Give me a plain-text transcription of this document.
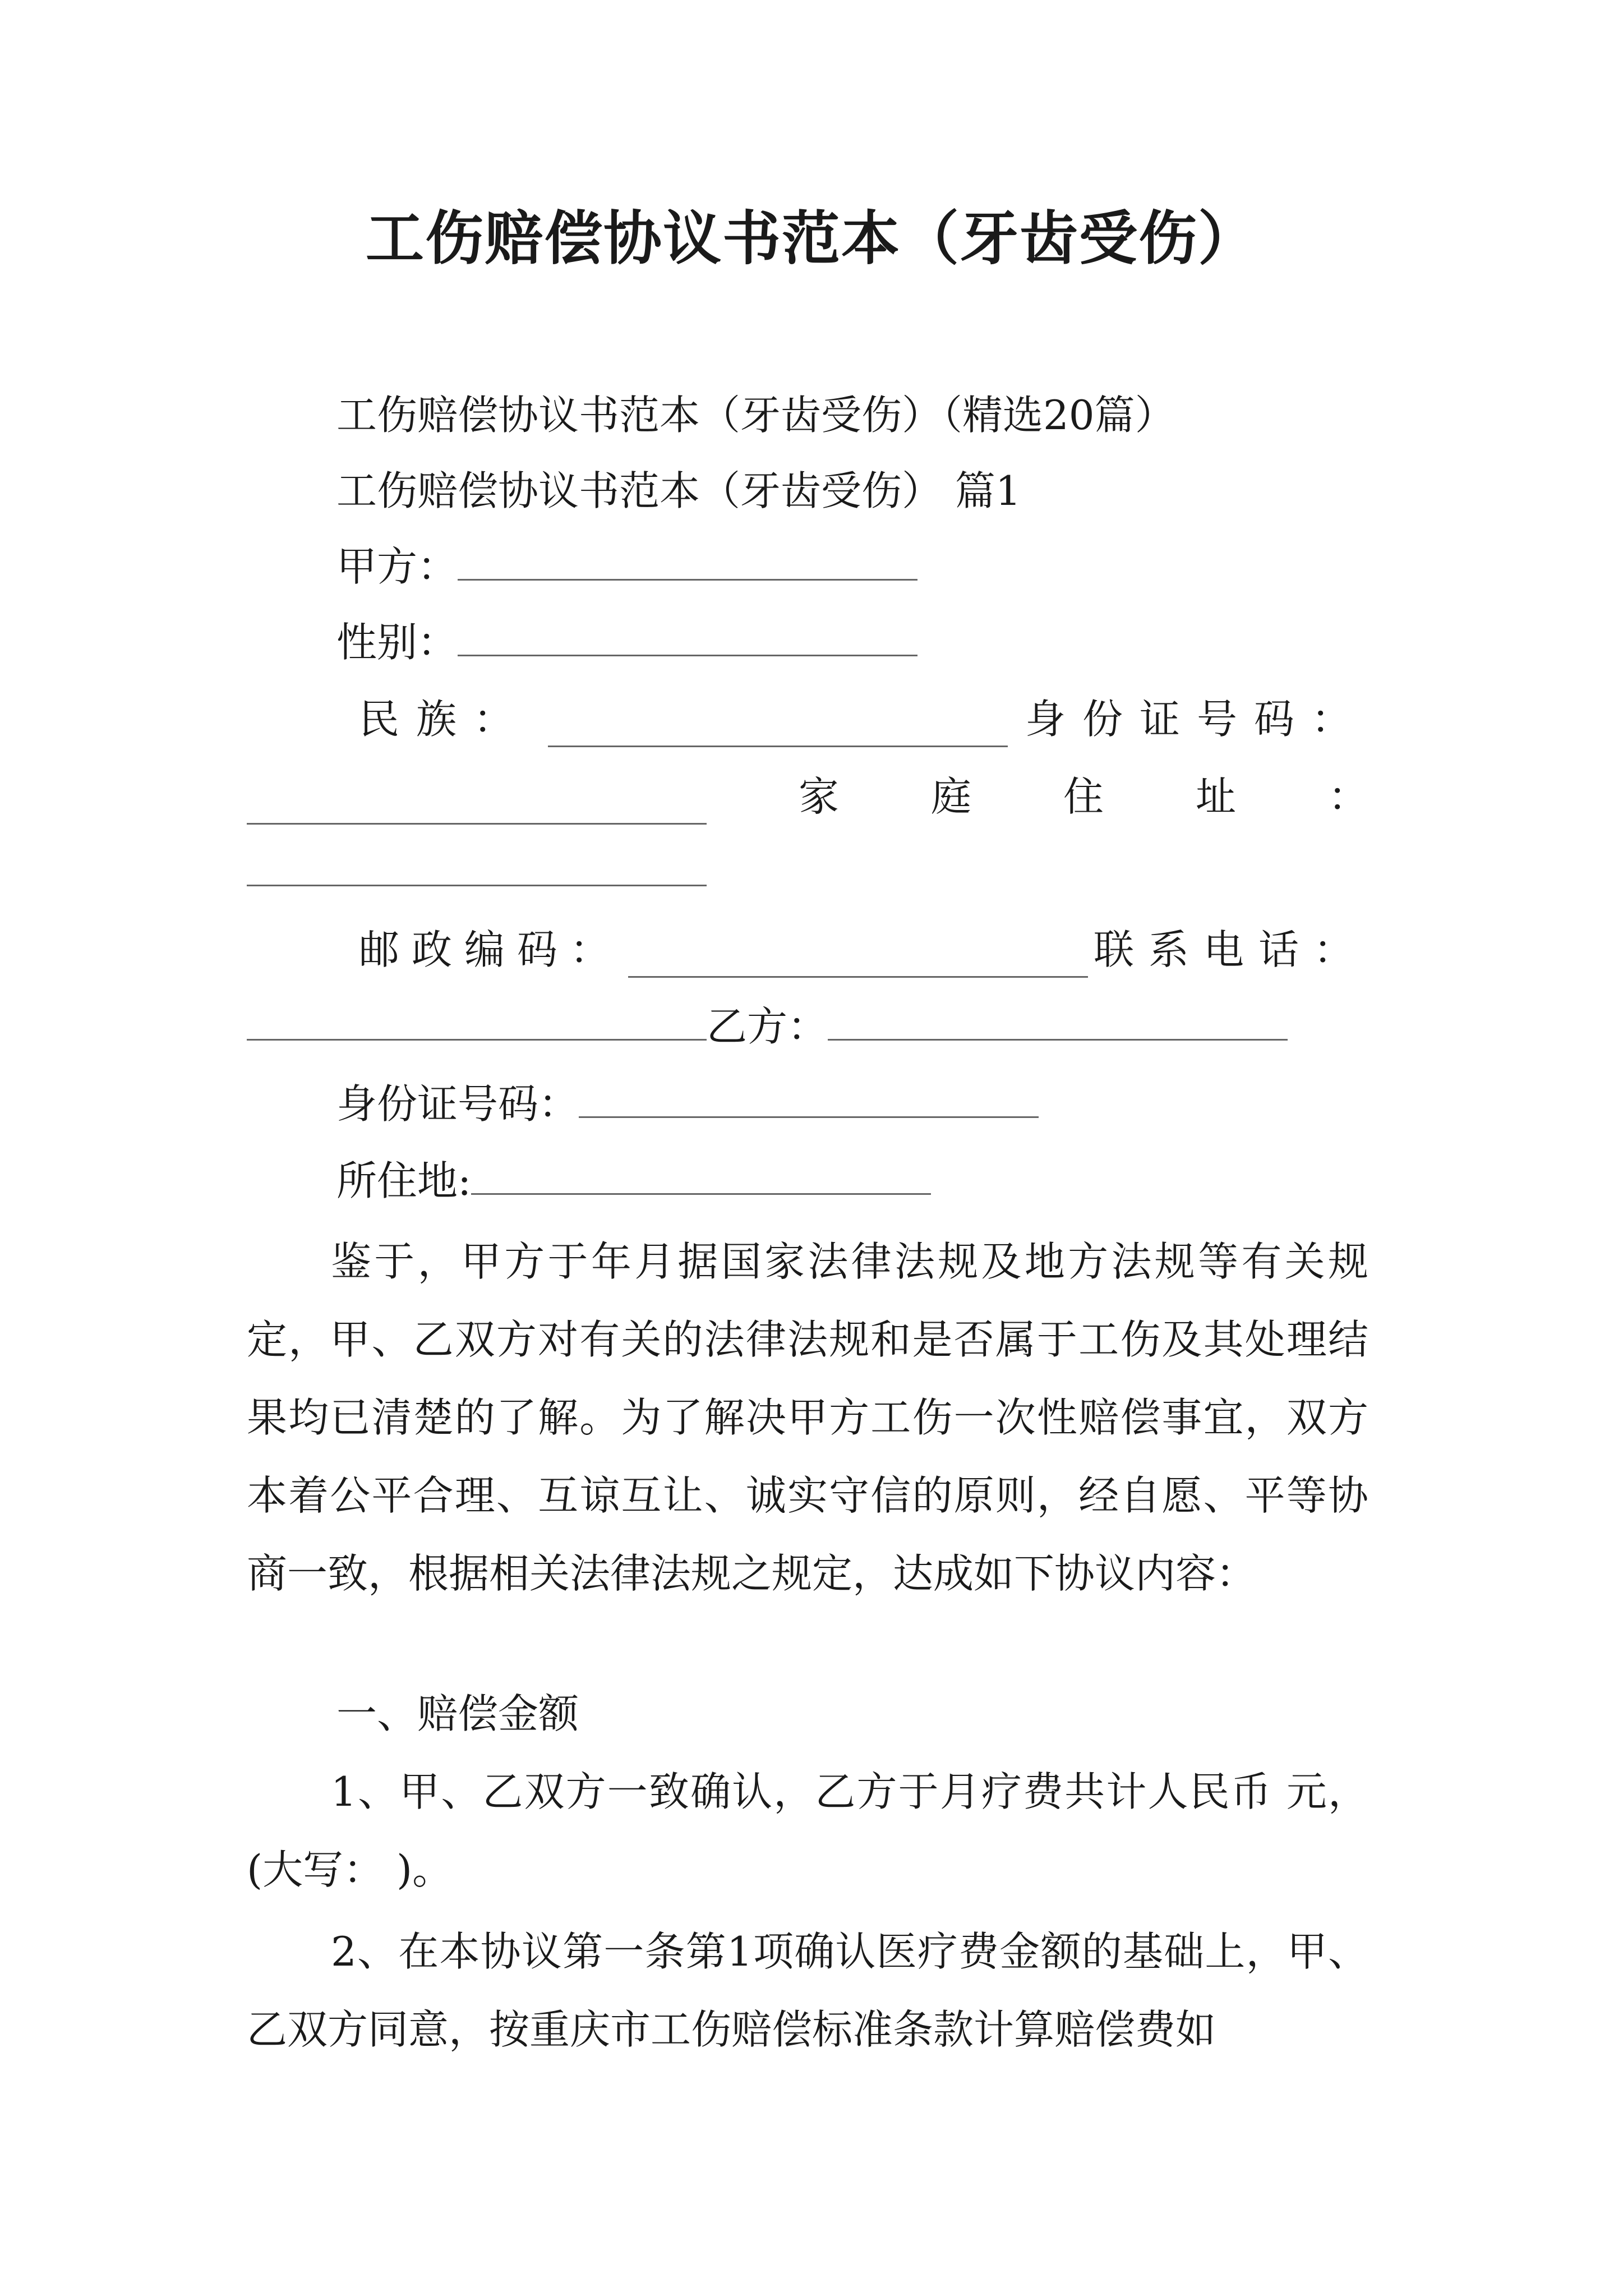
工伤赔偿协议书范本（牙齿受伤）
工伤赔偿协议书范本（牙齿受伤）（精选20篇）
工伤赔偿协议书范本（牙齿受伤） 篇1
甲方：
性别：
民族：	身份证号码：
家 庭 住 址 ：
邮政编码：	联系电话：
乙方：
身份证号码：
所住地:

鉴于，甲方于年月据国家法律法规及地方法规等有关规定，甲、乙双方对有关的法律法规和是否属于工伤及其处理结果均已清楚的了解。为了解决甲方工伤一次性赔偿事宜，双方本着公平合理、互谅互让、诚实守信的原则，经自愿、平等协商一致，根据相关法律法规之规定，达成如下协议内容：

一、赔偿金额

1、甲、乙双方一致确认，乙方于月疗费共计人民币 元，(大写： )。

2、在本协议第一条第1项确认医疗费金额的基础上，甲、乙双方同意，按重庆市工伤赔偿标准条款计算赔偿费如
